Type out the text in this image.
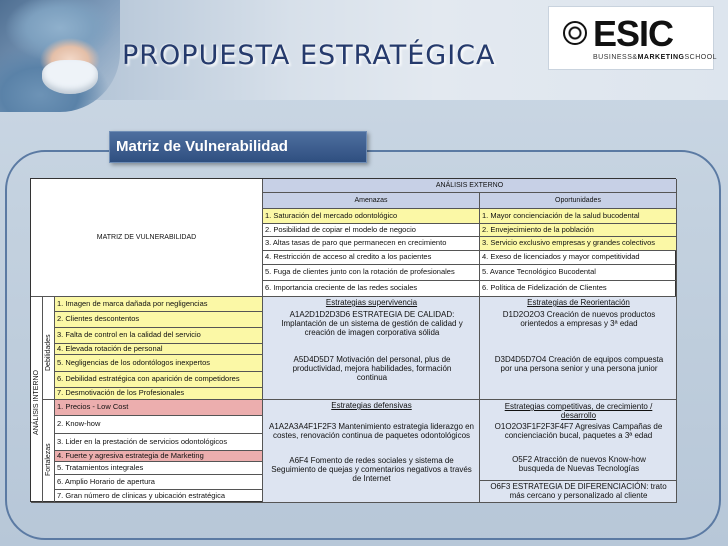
PROPUESTA ESTRATÉGICA
ESIC
BUSINESS&MARKETINGSCHOOL
Matriz de Vulnerabilidad
MATRIZ DE VULNERABILIDAD
ANÁLISIS EXTERNO
Amenazas	Oportunidades
1. Saturación del mercado odontológico
2. Posibilidad de copiar el modelo de negocio
3. Altas tasas de paro que permanecen en crecimiento
4. Restricción de acceso al credito a los pacientes
5. Fuga de clientes junto con la rotación de profesionales
6. Importancia creciente de las redes sociales
1. Mayor concienciación de la salud bucodental
2. Envejecimiento de la población
3. Servicio exclusivo empresas y grandes colectivos
4. Exeso de licenciados y mayor competitividad
5. Avance Tecnológico Bucodental
6. Política de Fidelización de Clientes
ANÁLISIS INTERNO
Debilidades
Fortalezas
1. Imagen de marca dañada por negligencias
2. Clientes descontentos
3. Falta de control en la calidad del servicio
4. Elevada rotación de personal
5. Negligencias de los odontólogos inexpertos
6. Debilidad estratégica con aparición de competidores
7. Desmotivación de los Profesionales
1. Precios - Low Cost
2. Know-how
3. Lider en la prestación de servicios odontológicos
4. Fuerte y agresiva estrategia de Marketing
5. Tratamientos integrales
6. Amplio Horario de apertura
7. Gran número de clinicas y ubicación estratégica
Estrategias supervivencia
A1A2D1D2D3D6 ESTRATEGIA DE CALIDAD: Implantación de un sistema de gestión de calidad y creación de imagen corporativa sólida
A5D4D5D7 Motivación del personal, plus de productividad, mejora habilidades, formación continua
Estrategias de Reorientación
D1D2O2O3 Creación de nuevos productos orientedos a empresas y 3ª edad
D3D4D5D7O4 Creación de equipos compuesta por una persona senior y una persona junior
Estrategias defensivas
A1A2A3A4F1F2F3 Mantenimiento estrategia liderazgo en costes, renovación continua de paquetes odontológicos
A6F4 Fomento de redes sociales y sistema de Seguimiento de quejas y comentarios negativos a través de Internet
Estrategias competitivas, de crecimiento / desarrollo
O1O2O3F1F2F3F4F7 Agresivas Campañas de concienciación bucal, paquetes a 3ª edad
O5F2 Atracción de nuevos Know-how busqueda de Nuevas Tecnologías
O6F3 ESTRATEGIA DE DIFERENCIACIÓN: trato más cercano y personalizado al cliente
